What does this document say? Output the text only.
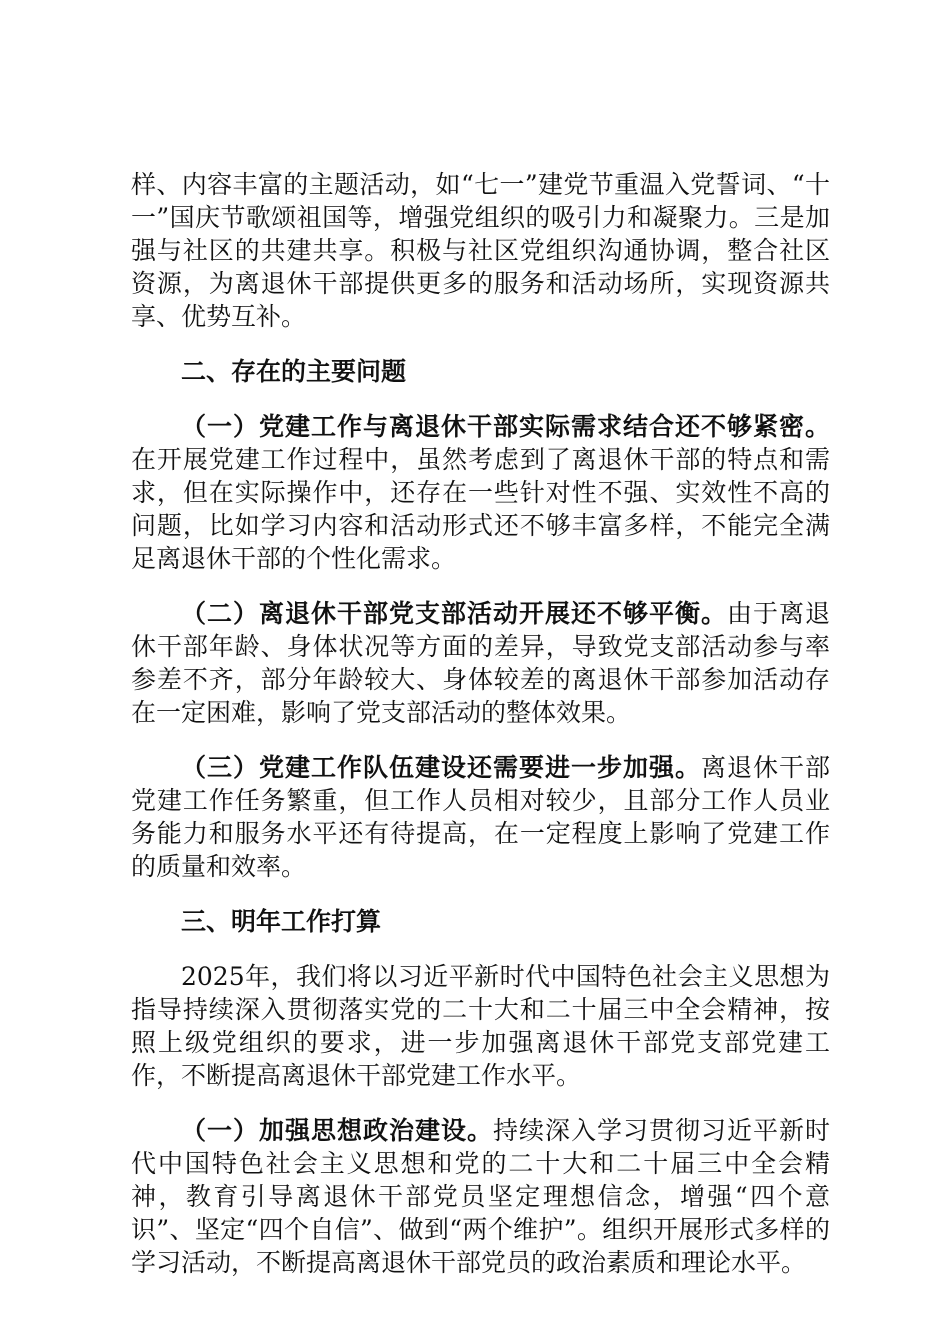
样、内容丰富的主题活动，如“七一”建党节重温入党誓词、“十一”国庆节歌颂祖国等，增强党组织的吸引力和凝聚力。三是加强与社区的共建共享。积极与社区党组织沟通协调，整合社区资源，为离退休干部提供更多的服务和活动场所，实现资源共享、优势互补。

二、存在的主要问题

（一）党建工作与离退休干部实际需求结合还不够紧密。在开展党建工作过程中，虽然考虑到了离退休干部的特点和需求，但在实际操作中，还存在一些针对性不强、实效性不高的问题，比如学习内容和活动形式还不够丰富多样，不能完全满足离退休干部的个性化需求。

（二）离退休干部党支部活动开展还不够平衡。由于离退休干部年龄、身体状况等方面的差异，导致党支部活动参与率参差不齐，部分年龄较大、身体较差的离退休干部参加活动存在一定困难，影响了党支部活动的整体效果。

（三）党建工作队伍建设还需要进一步加强。离退休干部党建工作任务繁重，但工作人员相对较少，且部分工作人员业务能力和服务水平还有待提高，在一定程度上影响了党建工作的质量和效率。

三、明年工作打算

2025年，我们将以习近平新时代中国特色社会主义思想为指导持续深入贯彻落实党的二十大和二十届三中全会精神，按照上级党组织的要求，进一步加强离退休干部党支部党建工作，不断提高离退休干部党建工作水平。

（一）加强思想政治建设。持续深入学习贯彻习近平新时代中国特色社会主义思想和党的二十大和二十届三中全会精神，教育引导离退休干部党员坚定理想信念，增强“四个意识”、坚定“四个自信”、做到“两个维护”。组织开展形式多样的学习活动，不断提高离退休干部党员的政治素质和理论水平。
